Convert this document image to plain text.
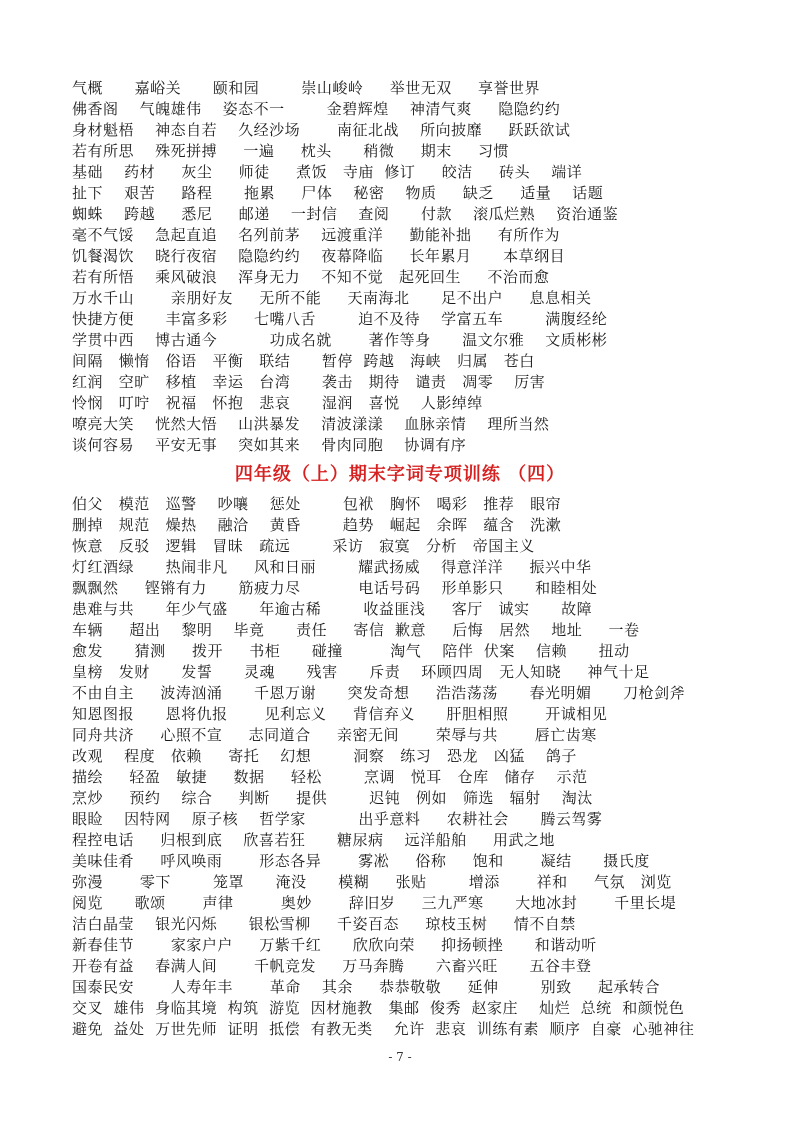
气概      嘉峪关      颐和园        崇山峻岭     举世无双     享誉世界
佛香阁    气魄雄伟    姿态不一        金碧辉煌    神清气爽     隐隐约约
身材魁梧    神态自若    久经沙场       南征北战    所向披靡     跃跃欲试
若有所思    殊死拼搏     一遍     枕头      稍微     期末     习惯
基础    药材     灰尘     师徒     煮饭   寺庙  修订     皎洁     砖头    端详
扯下    艰苦     路程      拖累     尸体    秘密    物质     缺乏     适量    话题
蜘蛛    跨越     悉尼     邮递    一封信    查阅      付款    滚瓜烂熟    资治通鉴
毫不气馁    急起直追    名列前茅    远渡重洋     勤能补拙     有所作为
饥餐渴饮    晓行夜宿    隐隐约约    夜幕降临     长年累月      本草纲目
若有所悟    乘风破浪    浑身无力    不知不觉   起死回生     不治而愈
万水千山       亲朋好友     无所不能     天南海北      足不出户     息息相关
快捷方便      丰富多彩     七嘴八舌        迫不及待    学富五车        满腹经纶
学贯中西    博古通今          功成名就       著作等身      温文尔雅    文质彬彬
间隔   懒惰   俗语   平衡   联结      暂停  跨越   海峡   归属   苍白
红润   空旷   移植   幸运   台湾      袭击   期待   谴责   凋零    厉害
怜悯   叮咛   祝福   怀抱   悲哀      湿润   喜悦    人影绰绰
嘹亮大笑    恍然大悟    山洪暴发    清波漾漾    血脉亲情    理所当然
谈何容易    平安无事    突如其来    骨肉同胞    协调有序
四年级（上）期末字词专项训练 （四）
伯父   模范   巡警    吵嚷    惩处        包袱   胸怀   喝彩   推荐   眼帘
删掉   规范   燥热    融洽    黄昏        趋势   崛起   余晖   蕴含   洗漱
恢意   反驳   逻辑   冒昧   疏远        采访   寂寞   分析   帝国主义
灯红酒绿      热闹非凡     风和日丽        耀武扬威    得意洋洋     振兴中华
飘飘然     铿锵有力      筋疲力尽           电话号码    形单影只      和睦相处
患难与共      年少气盛      年逾古稀        收益匪浅     客厅   诚实      故障
车辆     超出    黎明    毕竟      责任     寄信  歉意     后悔   居然    地址     一卷
愈发      猜测     拨开     书柜      碰撞         淘气    陪伴  伏案    信赖      扭动
皇榜   发财      发誓      灵魂      残害      斥责    环顾四周   无人知晓     神气十足
不由自主     波涛汹涌      千恩万谢      突发奇想     浩浩荡荡      春光明媚      刀枪剑斧
知恩图报      恩将仇报       见利忘义     背信弃义      肝胆相照       开诚相见
同舟共济     心照不宣     志同道合     亲密无间       荣辱与共       唇亡齿寒
改观    程度   依赖     寄托    幻想        洞察   练习   恐龙   凶猛    鸽子
描绘     轻盈   敏捷     数据     轻松        烹调   悦耳   仓库   储存    示范
烹炒     预约    综合     判断     提供        迟钝   例如   筛选   辐射    淘汰
眼睑    因特网    原子核    哲学家          出乎意料     农耕社会      腾云驾雾
程控电话     归根到底    欣喜若狂      糖尿病    远洋船舶     用武之地
美味佳肴     呼风唤雨       形态各异       雾凇     俗称     饱和       凝结      摄氏度
弥漫       零下        笼罩      淹没      模糊     张贴        增添       祥和     气氛   浏览
阅览      歌颂       声律         奥妙       辞旧岁     三九严寒      大地冰封       千里长堤
洁白晶莹    银光闪烁      银松雪柳     千姿百态     琼枝玉树     情不自禁
新春佳节       家家户户     万紫千红      欣欣向荣     抑扬顿挫      和谐动听
开卷有益    春满人间       千帆竞发     万马奔腾      六畜兴旺      五谷丰登
国泰民安       人寿年丰       革命    其余     恭恭敬敬     延伸        别致     起承转合
交叉  雄伟  身临其境  构筑  游览  因材施教   集邮  俊秀  赵家庄    灿烂  总统  和颜悦色
避免  益处  万世先师  证明  抵偿  有教无类    允许  悲哀  训练有素  顺序  自豪  心驰神往
- 7 -
